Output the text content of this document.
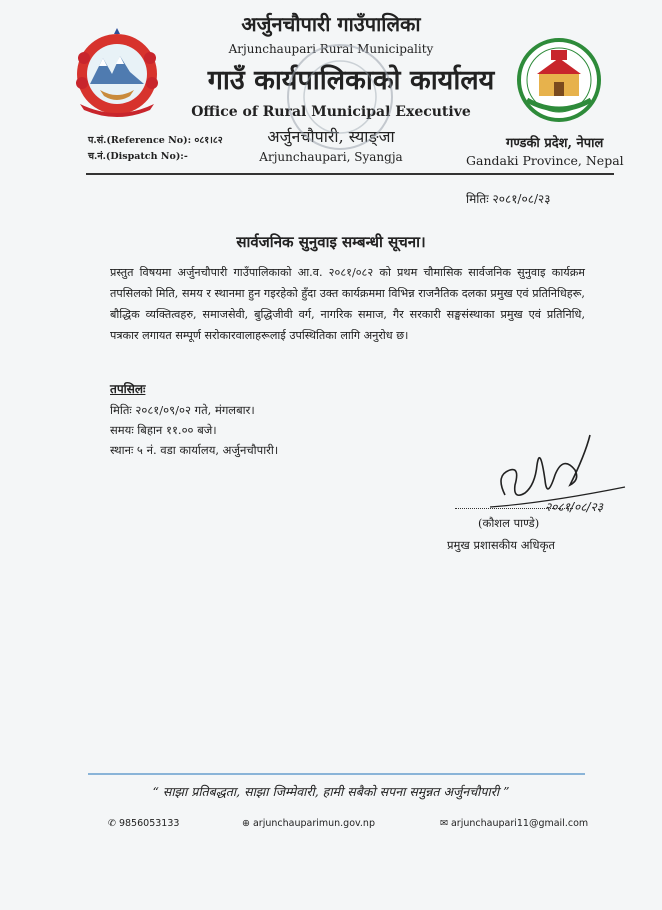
अर्जुनचौपारी गाउँपालिका
Arjunchaupari Rural Municipality
गाउँ कार्यपालिकाको कार्यालय
Office of Rural Municipal Executive
अर्जुनचौपारी, स्याङ्जा
Arjunchaupari, Syangja
गण्डकी प्रदेश, नेपाल
Gandaki Province, Nepal
प.सं.(Reference No): ०८१।८२
च.नं.(Dispatch No):-
मितिः २०८१/०८/२३
सार्वजनिक सुनुवाइ सम्बन्धी सूचना।
प्रस्तुत विषयमा अर्जुनचौपारी गाउँपालिकाको आ.व. २०८१/०८२ को प्रथम चौमासिक सार्वजनिक सुनुवाइ कार्यक्रम तपसिलको मिति, समय र स्थानमा हुन गइरहेको हुँदा उक्त कार्यक्रममा विभिन्न राजनैतिक दलका प्रमुख एवं प्रतिनिधिहरू, बौद्धिक व्यक्तित्वहरु, समाजसेवी, बुद्धिजीवी वर्ग, नागरिक समाज, गैर सरकारी सङ्घसंस्थाका प्रमुख एवं प्रतिनिधि, पत्रकार लगायत सम्पूर्ण सरोकारवालाहरूलाई उपस्थितिका लागि अनुरोध छ।
तपसिलः
मितिः २०८१/०९/०२ गते, मंगलबार।
समयः बिहान ११.०० बजे।
स्थानः ५ नं. वडा कार्यालय, अर्जुनचौपारी।
२०८१/०८/२३
(कौशल पाण्डे)
प्रमुख प्रशासकीय अधिकृत
“ साझा प्रतिबद्धता, साझा जिम्मेवारी, हामी सबैको सपना समुन्नत अर्जुनचौपारी ”
✆ 9856053133	⊕ arjunchauparimun.gov.np	✉ arjunchaupari11@gmail.com
